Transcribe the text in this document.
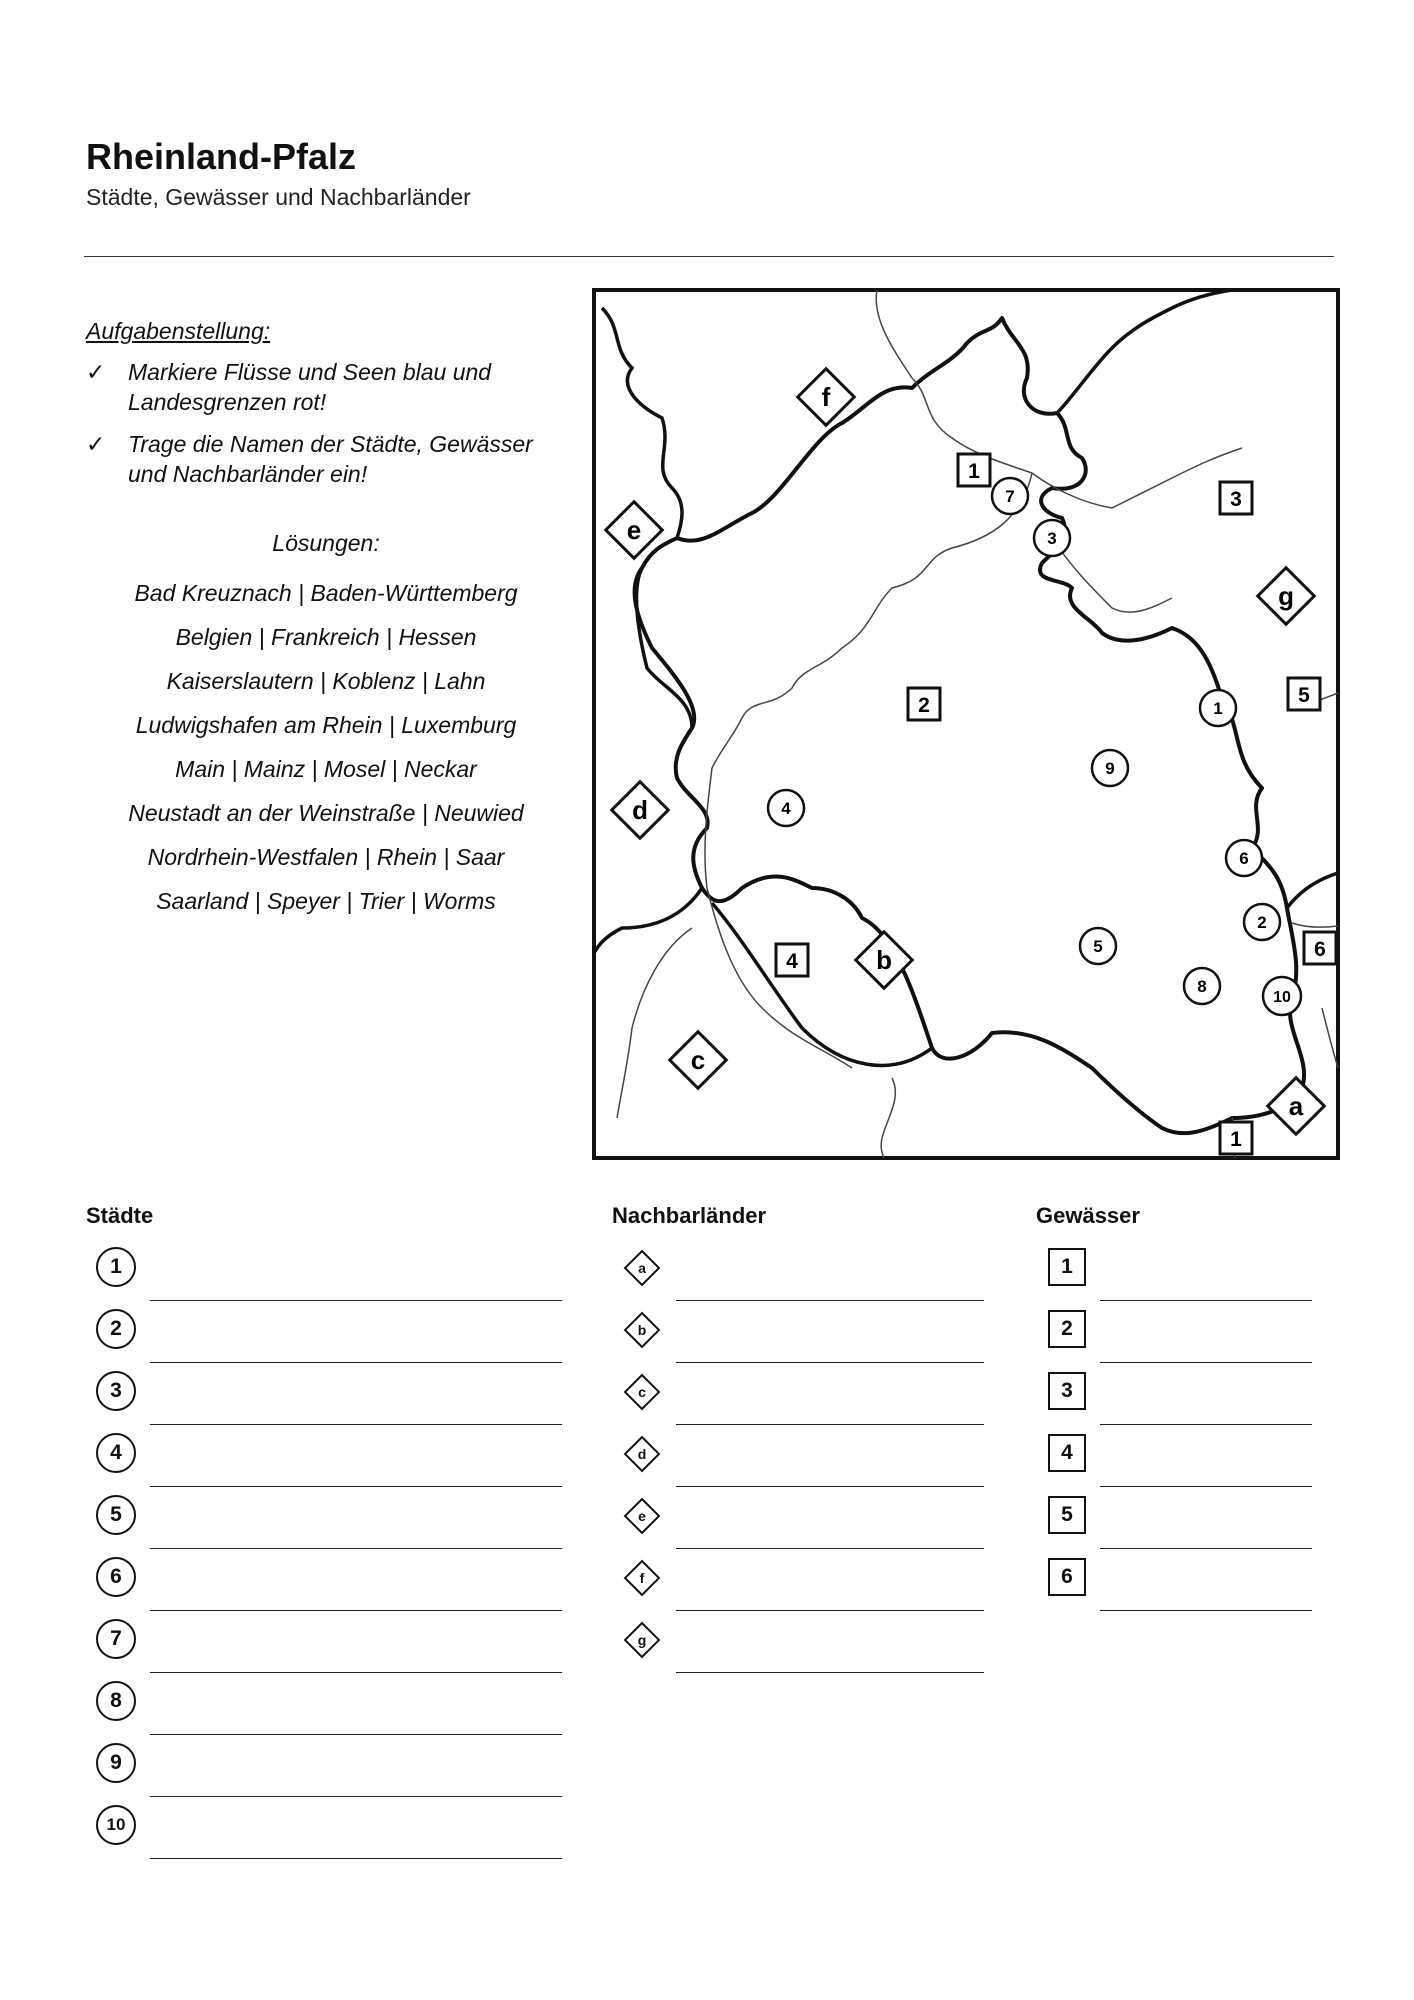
Rheinland-Pfalz
Städte, Gewässer und Nachbarländer
Aufgabenstellung:
✓ Markiere Flüsse und Seen blau und Landesgrenzen rot!
✓ Trage die Namen der Städte, Gewässer und Nachbarländer ein!
Lösungen:
Bad Kreuznach | Baden-Württemberg
Belgien | Frankreich | Hessen
Kaiserslautern | Koblenz | Lahn
Ludwigshafen am Rhein | Luxemburg
Main | Mainz | Mosel | Neckar
Neustadt an der Weinstraße | Neuwied
Nordrhein-Westfalen | Rhein | Saar
Saarland | Speyer | Trier | Worms
f
e
g
d
b
c
a
7
3
1
9
4
6
2
5
8
10
1
3
2	5
4
6
1
Städte
1
2
3
4
5
6
7
8
9
10
Nachbarländer
a
b
c
d
e
f
g
Gewässer
1
2
3
4
5
6
